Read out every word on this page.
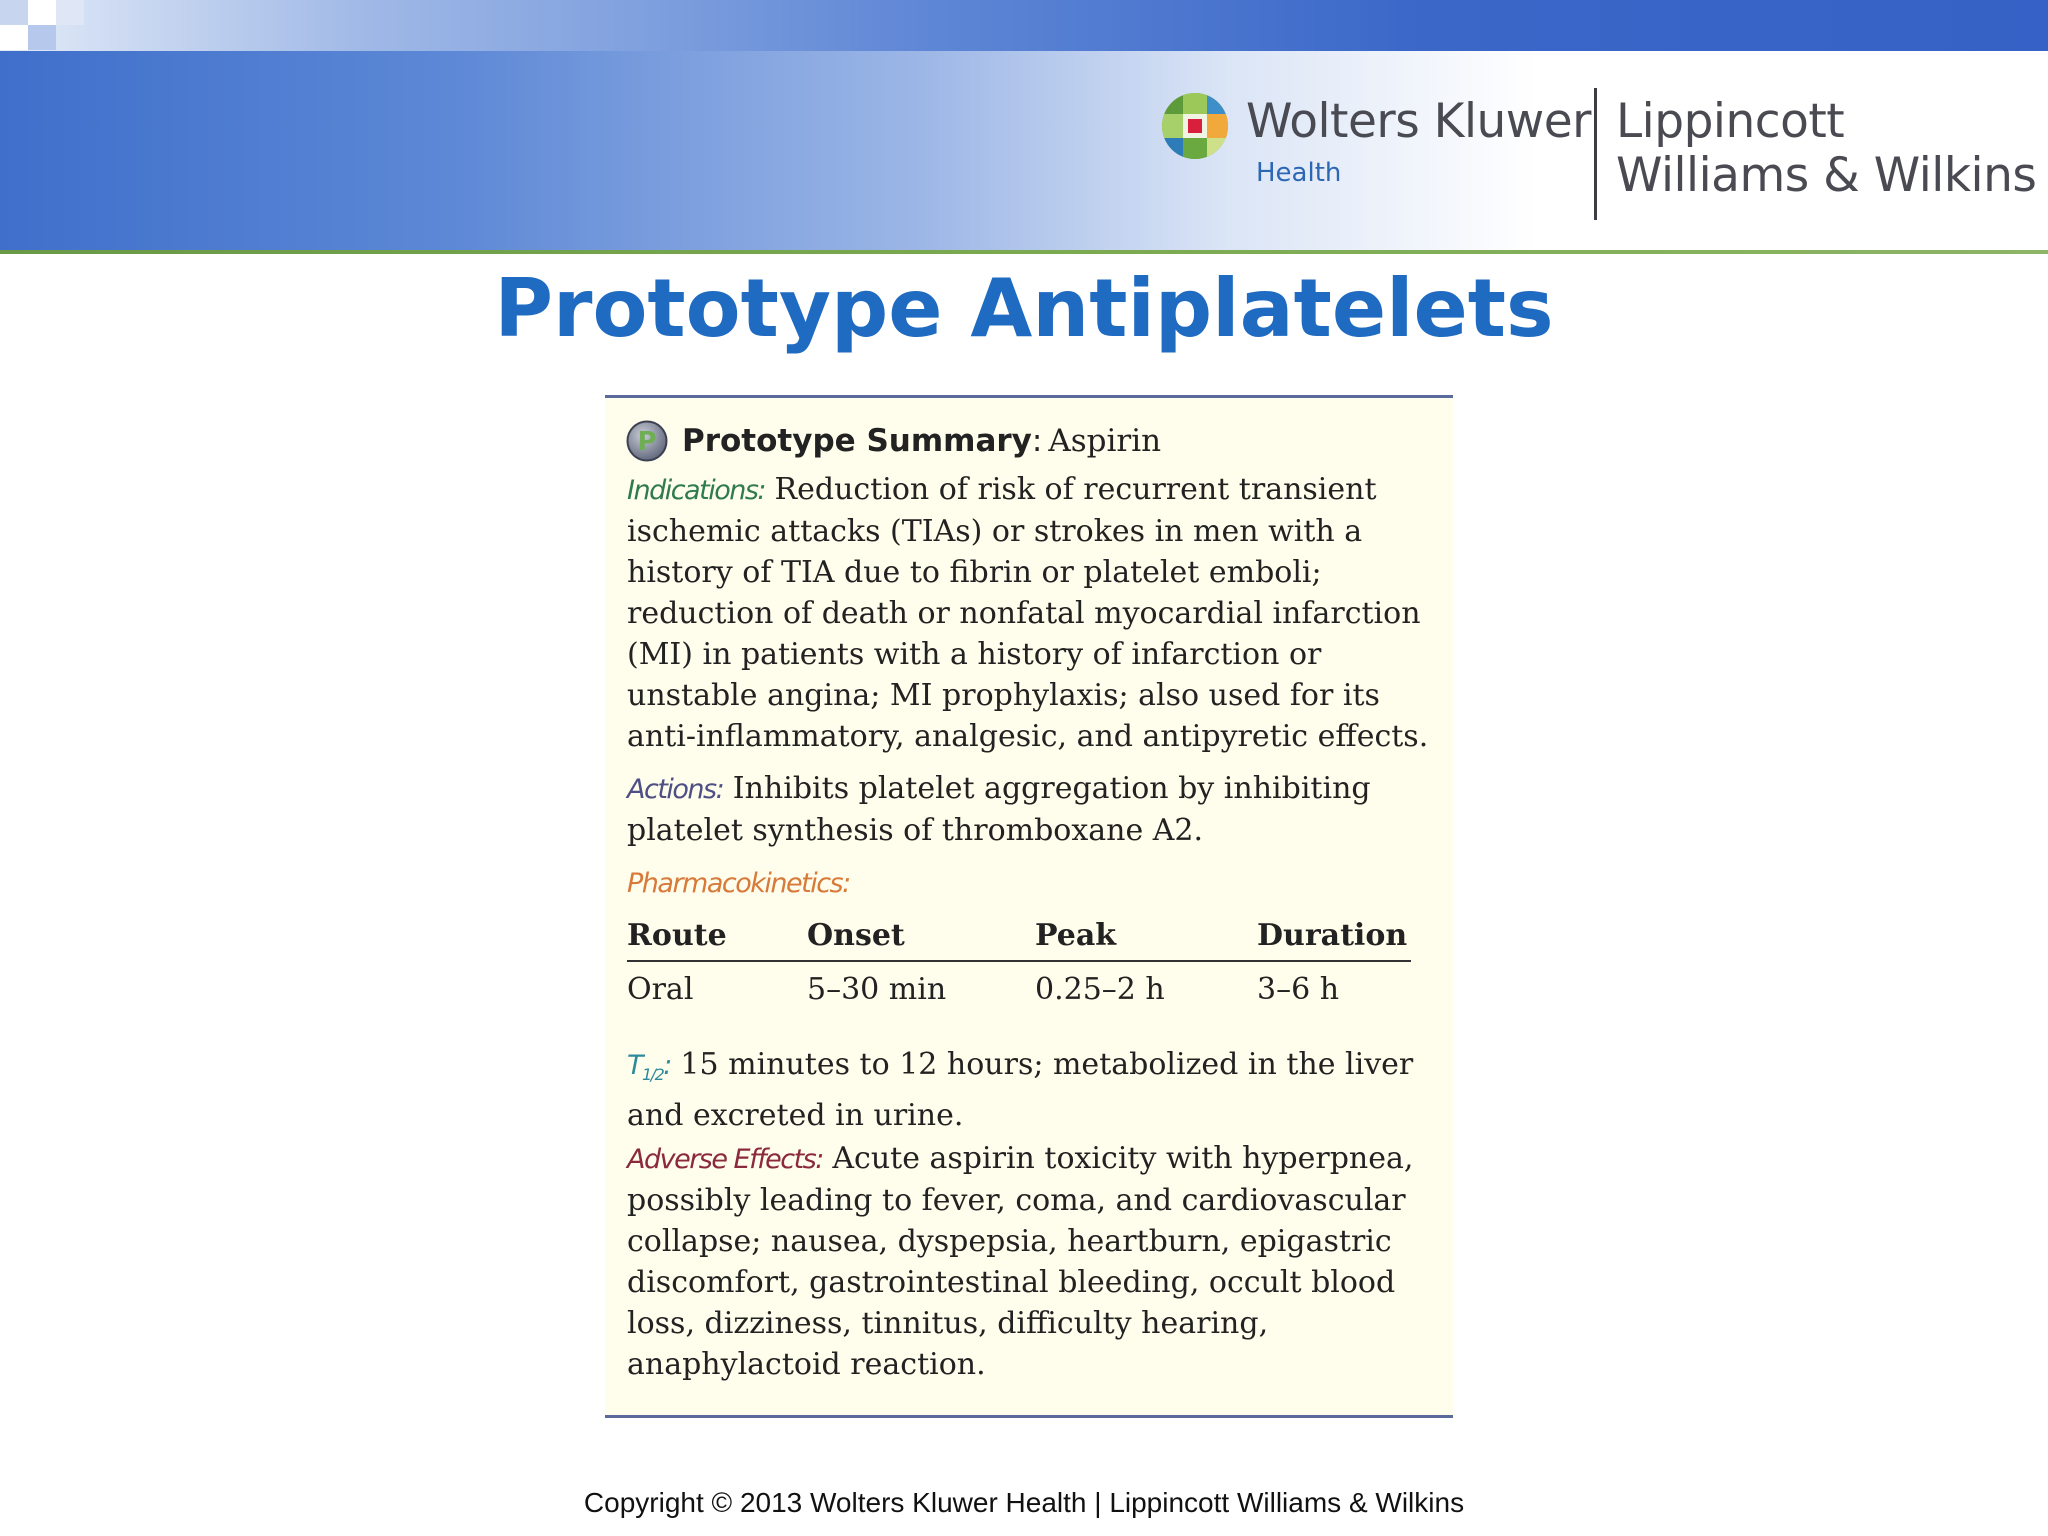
Wolters Kluwer
Health
Lippincott
Williams & Wilkins
Prototype Antiplatelets
P Prototype Summary : Aspirin

Indications: Reduction of risk of recurrent transient ischemic attacks (TIAs) or strokes in men with a history of TIA due to fibrin or platelet emboli; reduction of death or nonfatal myocardial infarction (MI) in patients with a history of infarction or unstable angina; MI prophylaxis; also used for its anti-inflammatory, analgesic, and antipyretic effects.

Actions: Inhibits platelet aggregation by inhibiting platelet synthesis of thromboxane A2.

Pharmacokinetics:

Route	Onset	Peak	Duration
Oral	5–30 min	0.25–2 h	3–6 h

$T_{1/2}$: 15 minutes to 12 hours; metabolized in the liver and excreted in urine.

Adverse Effects: Acute aspirin toxicity with hyperpnea, possibly leading to fever, coma, and cardiovascular collapse; nausea, dyspepsia, heartburn, epigastric discomfort, gastrointestinal bleeding, occult blood loss, dizziness, tinnitus, difficulty hearing, anaphylactoid reaction.

Copyright © 2013 Wolters Kluwer Health | Lippincott Williams & Wilkins
